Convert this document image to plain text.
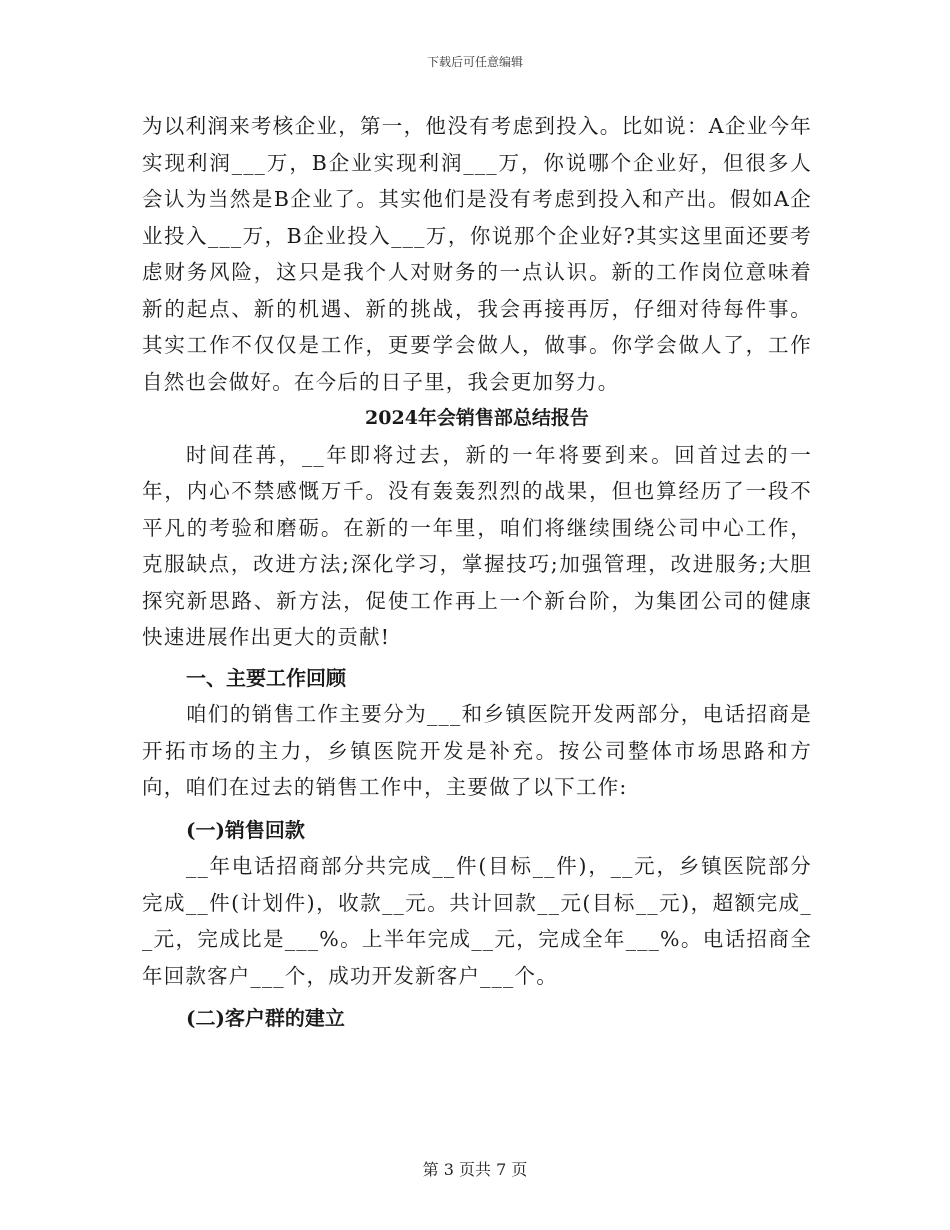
下载后可任意编辑

为以利润来考核企业，第一，他没有考虑到投入。比如说：A企业今年实现利润___万，B企业实现利润___万，你说哪个企业好，但很多人会认为当然是B企业了。其实他们是没有考虑到投入和产出。假如A企业投入___万，B企业投入___万，你说那个企业好?其实这里面还要考虑财务风险，这只是我个人对财务的一点认识。新的工作岗位意味着新的起点、新的机遇、新的挑战，我会再接再厉，仔细对待每件事。其实工作不仅仅是工作，更要学会做人，做事。你学会做人了，工作自然也会做好。在今后的日子里，我会更加努力。

2024年会销售部总结报告

时间荏苒，__年即将过去，新的一年将要到来。回首过去的一年，内心不禁感慨万千。没有轰轰烈烈的战果，但也算经历了一段不平凡的考验和磨砺。在新的一年里，咱们将继续围绕公司中心工作，克服缺点，改进方法;深化学习，掌握技巧;加强管理，改进服务;大胆探究新思路、新方法，促使工作再上一个新台阶，为集团公司的健康快速进展作出更大的贡献!

一、主要工作回顾

咱们的销售工作主要分为___和乡镇医院开发两部分，电话招商是开拓市场的主力，乡镇医院开发是补充。按公司整体市场思路和方向，咱们在过去的销售工作中，主要做了以下工作:

(一)销售回款

__年电话招商部分共完成__件(目标__件)，__元，乡镇医院部分完成__件(计划件)，收款__元。共计回款__元(目标__元)，超额完成__元，完成比是___%。上半年完成__元，完成全年___%。电话招商全年回款客户___个，成功开发新客户___个。

(二)客户群的建立

第 3 页共 7 页
